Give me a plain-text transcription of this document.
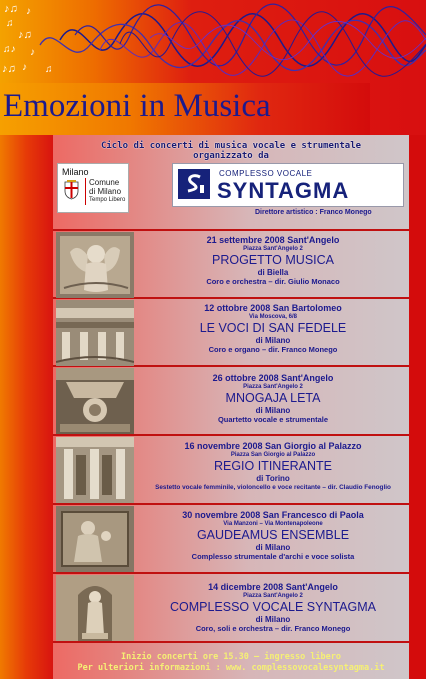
♪♫ ♪
♫
♪♫
♫♪ ♪
♪♫ ♪ ♫
Emozioni in Musica
Ciclo di concerti di musica vocale e strumentale
organizzato da
Milano
Comune
di Milano
Tempo Libero
COMPLESSO VOCALE
SYNTAGMA
Direttore artistico : Franco Monego
21 settembre 2008 Sant'Angelo
Piazza Sant'Angelo 2
PROGETTO MUSICA
di Biella
Coro e orchestra – dir. Giulio Monaco
12 ottobre 2008 San Bartolomeo
Via Moscova, 6/8
LE VOCI DI SAN FEDELE
di Milano
Coro e organo – dir. Franco Monego
26 ottobre 2008 Sant'Angelo
Piazza Sant'Angelo 2
MNOGAJA LETA
di Milano
Quartetto vocale e strumentale
16 novembre 2008 San Giorgio al Palazzo
Piazza San Giorgio al Palazzo
REGIO ITINERANTE
di Torino
Sestetto vocale femminile, violoncello e voce recitante – dir. Claudio Fenoglio
30 novembre 2008 San Francesco di Paola
Via Manzoni – Via Montenapoleone
GAUDEAMUS ENSEMBLE
di Milano
Complesso strumentale d'archi e voce solista
14 dicembre 2008 Sant'Angelo
Piazza Sant'Angelo 2
COMPLESSO VOCALE SYNTAGMA
di Milano
Coro, soli e orchestra – dir. Franco Monego
Inizio concerti ore 15.30 – ingresso libero
Per ulteriori informazioni : www. complessovocalesyntagma.it
